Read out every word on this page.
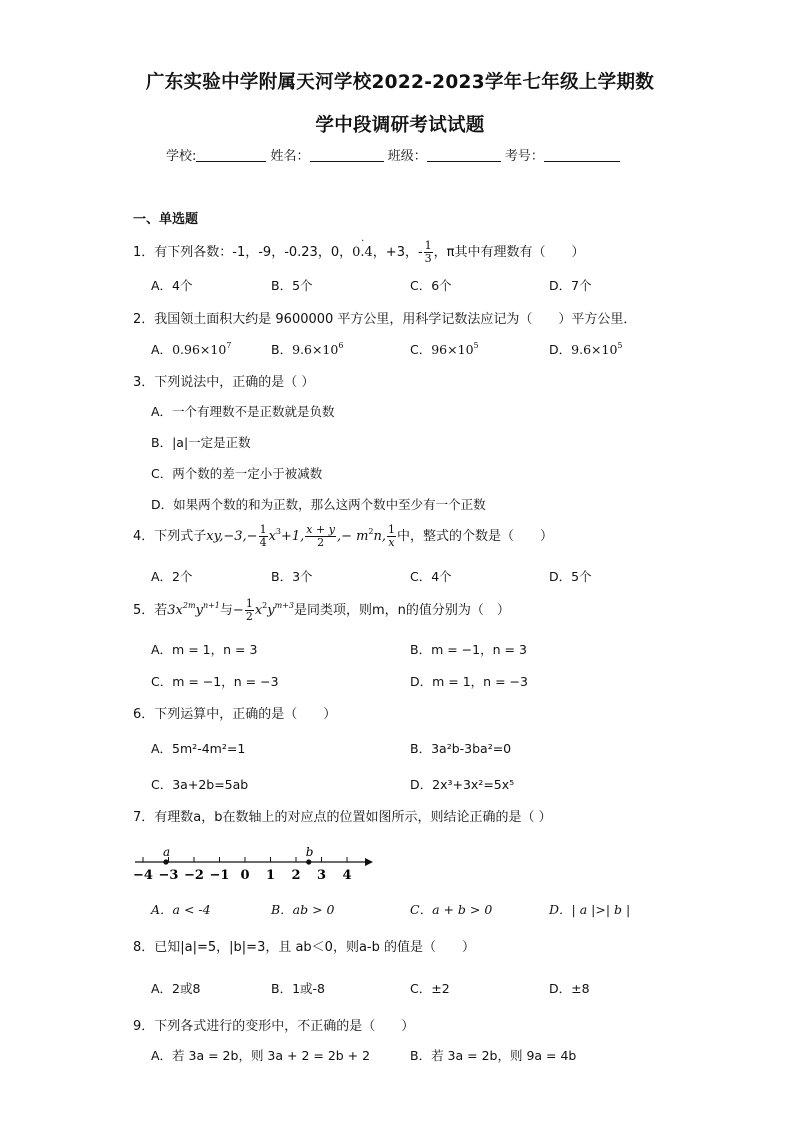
广东实验中学附属天河学校2022-2023学年七年级上学期数
学中段调研考试试题
学校:	姓名：	班级：	考号：
一、单选题
1．有下列各数：-1，-9，-0.23，0，
·
0.4，+3，- $\frac{1}{3}$ ，π其中有理数有（　　）
A．4个	B．5个	C．6个	D．7个
2．我国领土面积大约是 9600000 平方公里，用科学记数法应记为（　　）平方公里．
A．$0.96\times 10^7$	B．$9.6\times 10^6$	C．$96\times 10^5$	D．$9.6\times 10^5$
3．下列说法中，正确的是（ ）
A．一个有理数不是正数就是负数
B．|a|一定是正数
C．两个数的差一定小于被减数
D．如果两个数的和为正数，那么这两个数中至少有一个正数
4．下列式子$xy,-3,- \frac{1}{4} x^3+1$, $\frac{x + y}{2}$ ,− $m^2n$, $\frac{1}{x}$ 中，整式的个数是（　　）
A．2个	B．3个	C．4个	D．5个
5．若$3x^{2m}y^{n+1}$与− $\frac{1}{2} x^2y^{m+3}$是同类项，则m，n的值分别为（　）
A．m = 1，n = 3	B．m = −1，n = 3
C．m = −1，n = −3	D．m = 1，n = −3
6．下列运算中，正确的是（　　）
A．5m²-4m²=1	B．3a²b-3ba²=0
C．3a+2b=5ab	D．2x³+3x²=5x⁵
7．有理数a，b在数轴上的对应点的位置如图所示，则结论正确的是（ ）
−4 −3 −2 −1 0 1 2 3 4
a	b
A．a < -4	B．ab > 0	C．a + b > 0	D．| a |>| b |
8．已知|a|=5，|b|=3，且 ab＜0，则a-b 的值是（　　）
A．2或8	B．1或-8	C．±2	D．±8
9．下列各式进行的变形中，不正确的是（　　）
A．若 3a = 2b，则 3a + 2 = 2b + 2	B．若 3a = 2b，则 9a = 4b
